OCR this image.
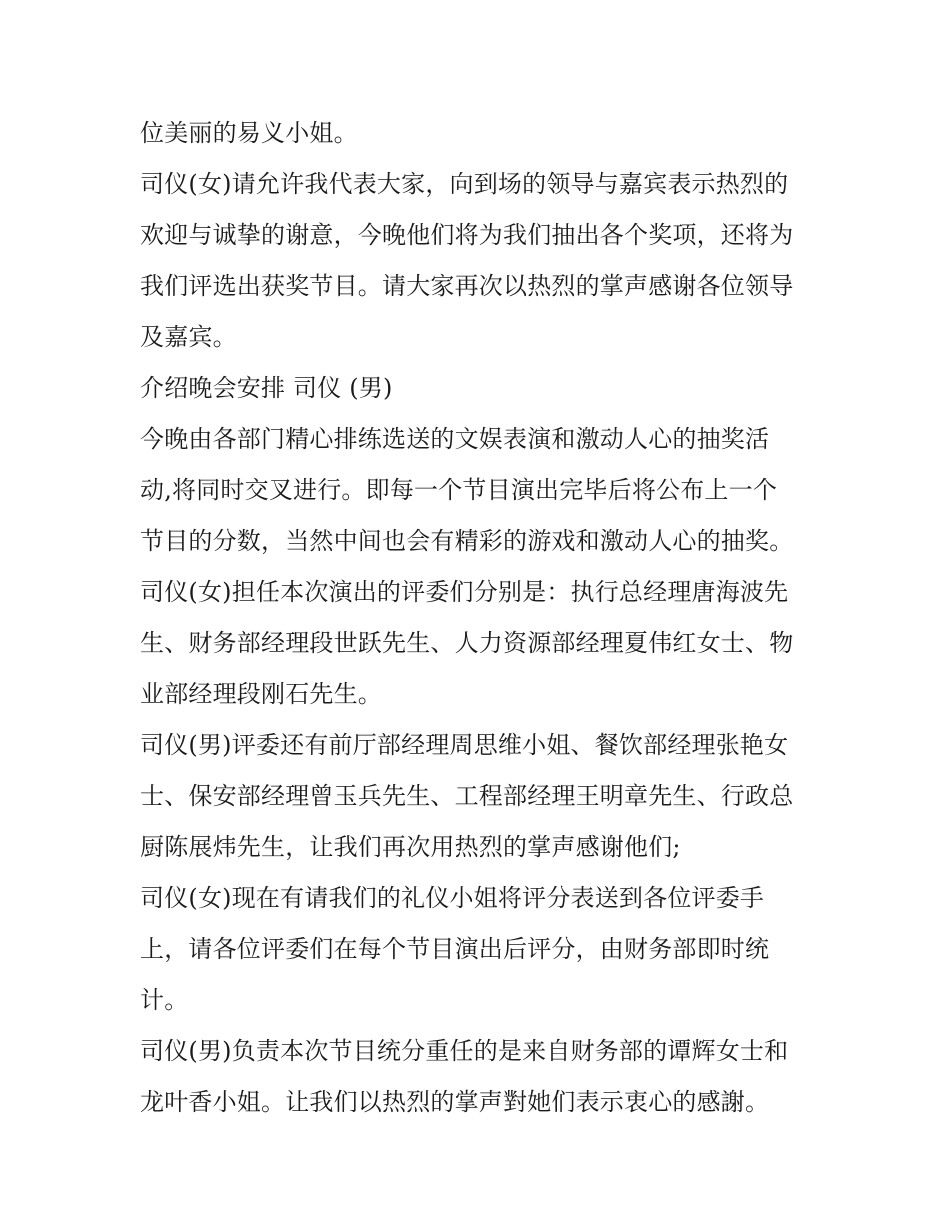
位美丽的易义小姐。
司仪(女)请允许我代表大家，向到场的领导与嘉宾表示热烈的
欢迎与诚挚的谢意，今晚他们将为我们抽出各个奖项，还将为
我们评选出获奖节目。请大家再次以热烈的掌声感谢各位领导
及嘉宾。
介绍晚会安排 司仪 (男)
今晚由各部门精心排练选送的文娱表演和激动人心的抽奖活
动,将同时交叉进行。即每一个节目演出完毕后将公布上一个
节目的分数，当然中间也会有精彩的游戏和激动人心的抽奖。
司仪(女)担任本次演出的评委们分别是：执行总经理唐海波先
生、财务部经理段世跃先生、人力资源部经理夏伟红女士、物
业部经理段刚石先生。
司仪(男)评委还有前厅部经理周思维小姐、餐饮部经理张艳女
士、保安部经理曾玉兵先生、工程部经理王明章先生、行政总
厨陈展炜先生，让我们再次用热烈的掌声感谢他们;
司仪(女)现在有请我们的礼仪小姐将评分表送到各位评委手
上，请各位评委们在每个节目演出后评分，由财务部即时统
计。
司仪(男)负责本次节目统分重任的是来自财务部的谭辉女士和
龙叶香小姐。让我们以热烈的掌声對她们表示衷心的感謝。
